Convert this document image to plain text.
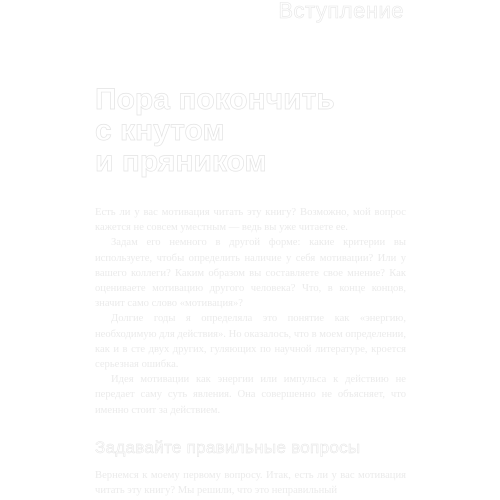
Вступление
Пора покончить
с кнутом
и пряником

Есть ли у вас мотивация читать эту книгу? Возможно, мой вопрос кажется не совсем уместным — ведь вы уже читаете ее.

Задам его немного в другой форме: какие критерии вы используете, чтобы определить наличие у себя мотивации? Или у вашего коллеги? Каким образом вы составляете свое мнение? Как оцениваете мотивацию другого человека? Что, в конце концов, значит само слово «мотивация»?

Долгие годы я определяла это понятие как «энергию, необходимую для действия». Но оказалось, что в моем определении, как и в сте двух других, гуляющих по научной литературе, кроется серьезная ошибка.

Идея мотивации как энергии или импульса к действию не передает саму суть явления. Она совершенно не объясняет, что именно стоит за действием.

Задавайте правильные вопросы

Вернемся к моему первому вопросу. Итак, есть ли у вас мотивация читать эту книгу? Мы решили, что это неправильный
